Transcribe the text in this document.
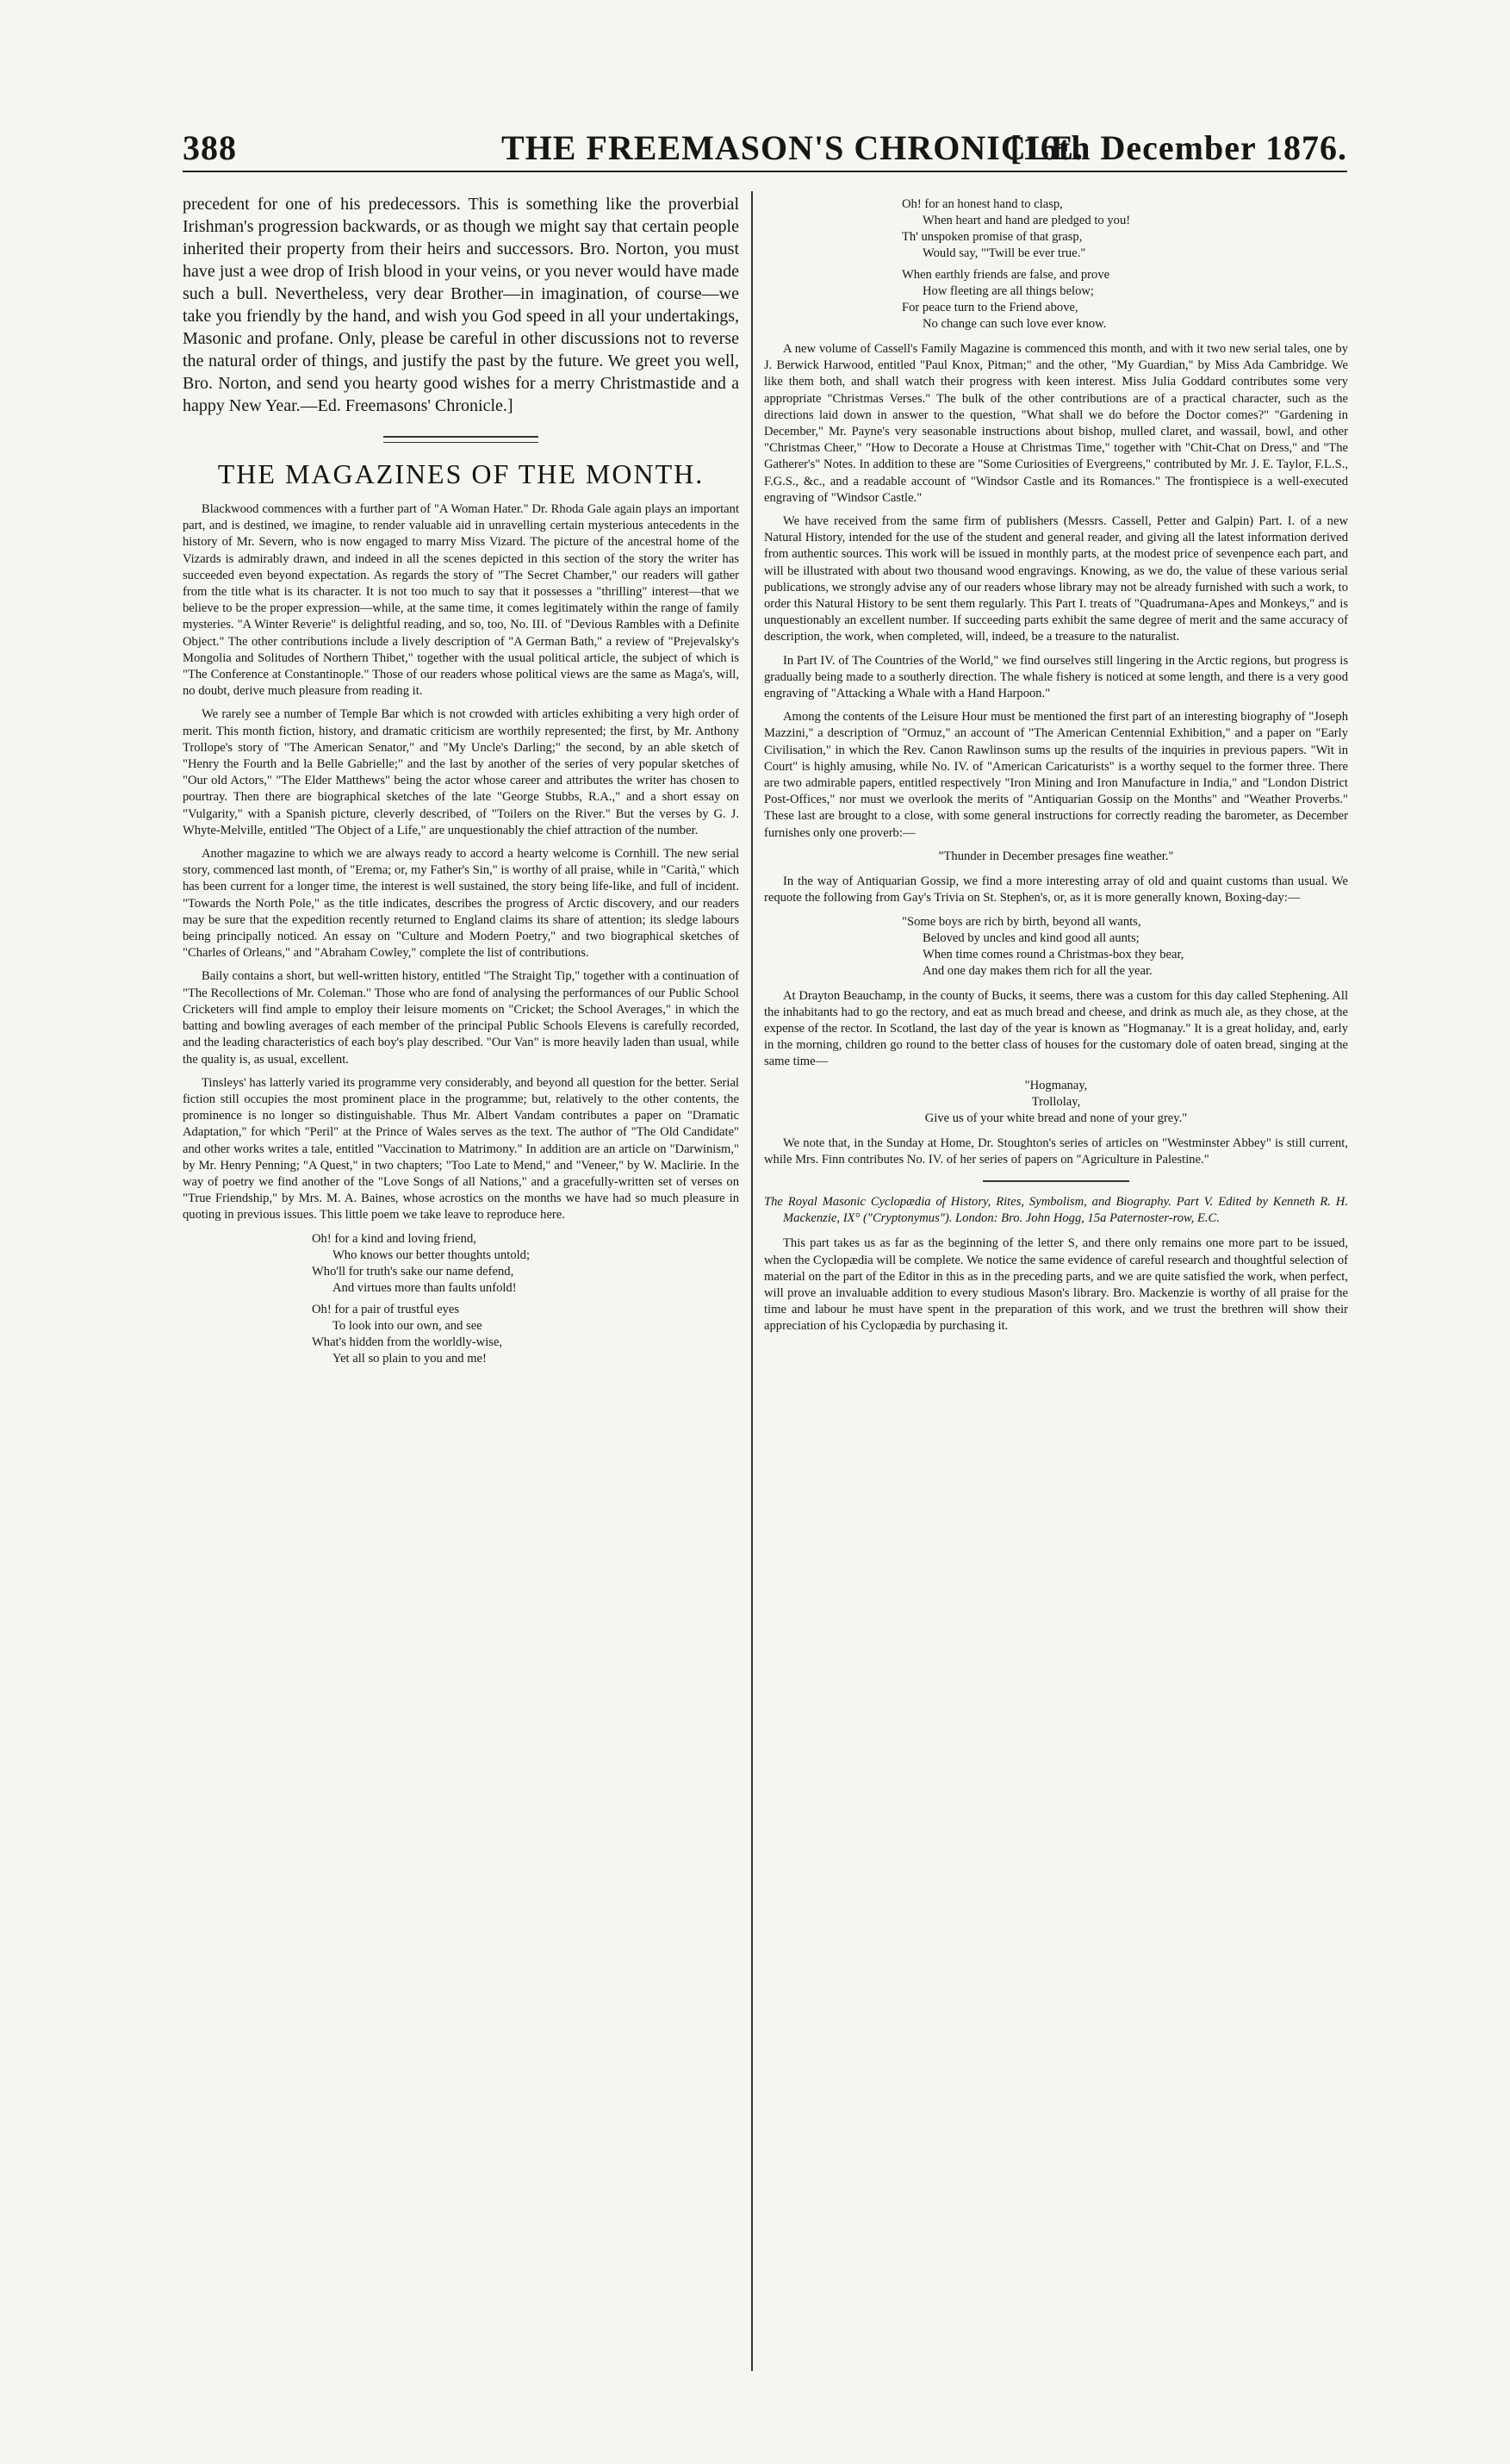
388	THE FREEMASON'S CHRONICLE.
[16th December 1876.

precedent for one of his predecessors. This is something like the proverbial Irishman's progression backwards, or as though we might say that certain people inherited their property from their heirs and successors. Bro. Norton, you must have just a wee drop of Irish blood in your veins, or you never would have made such a bull. Nevertheless, very dear Brother—in imagination, of course—we take you friendly by the hand, and wish you God speed in all your undertakings, Masonic and profane. Only, please be careful in other discussions not to reverse the natural order of things, and justify the past by the future. We greet you well, Bro. Norton, and send you hearty good wishes for a merry Christmastide and a happy New Year.—Ed. Freemasons' Chronicle.]

THE MAGAZINES OF THE MONTH.

Blackwood commences with a further part of "A Woman Hater." Dr. Rhoda Gale again plays an important part, and is destined, we imagine, to render valuable aid in unravelling certain mysterious antecedents in the history of Mr. Severn, who is now engaged to marry Miss Vizard. The picture of the ancestral home of the Vizards is admirably drawn, and indeed in all the scenes depicted in this section of the story the writer has succeeded even beyond expectation. As regards the story of "The Secret Chamber," our readers will gather from the title what is its character. It is not too much to say that it possesses a "thrilling" interest—that we believe to be the proper expression—while, at the same time, it comes legitimately within the range of family mysteries. "A Winter Reverie" is delightful reading, and so, too, No. III. of "Devious Rambles with a Definite Object." The other contributions include a lively description of "A German Bath," a review of "Prejevalsky's Mongolia and Solitudes of Northern Thibet," together with the usual political article, the subject of which is "The Conference at Constantinople." Those of our readers whose political views are the same as Maga's, will, no doubt, derive much pleasure from reading it.

We rarely see a number of Temple Bar which is not crowded with articles exhibiting a very high order of merit. This month fiction, history, and dramatic criticism are worthily represented; the first, by Mr. Anthony Trollope's story of "The American Senator," and "My Uncle's Darling;" the second, by an able sketch of "Henry the Fourth and la Belle Gabrielle;" and the last by another of the series of very popular sketches of "Our old Actors," "The Elder Matthews" being the actor whose career and attributes the writer has chosen to pourtray. Then there are biographical sketches of the late "George Stubbs, R.A.," and a short essay on "Vulgarity," with a Spanish picture, cleverly described, of "Toilers on the River." But the verses by G. J. Whyte-Melville, entitled "The Object of a Life," are unquestionably the chief attraction of the number.

Another magazine to which we are always ready to accord a hearty welcome is Cornhill. The new serial story, commenced last month, of "Erema; or, my Father's Sin," is worthy of all praise, while in "Carità," which has been current for a longer time, the interest is well sustained, the story being life-like, and full of incident. "Towards the North Pole," as the title indicates, describes the progress of Arctic discovery, and our readers may be sure that the expedition recently returned to England claims its share of attention; its sledge labours being principally noticed. An essay on "Culture and Modern Poetry," and two biographical sketches of "Charles of Orleans," and "Abraham Cowley," complete the list of contributions.

Baily contains a short, but well-written history, entitled "The Straight Tip," together with a continuation of "The Recollections of Mr. Coleman." Those who are fond of analysing the performances of our Public School Cricketers will find ample to employ their leisure moments on "Cricket; the School Averages," in which the batting and bowling averages of each member of the principal Public Schools Elevens is carefully recorded, and the leading characteristics of each boy's play described. "Our Van" is more heavily laden than usual, while the quality is, as usual, excellent.

Tinsleys' has latterly varied its programme very considerably, and beyond all question for the better. Serial fiction still occupies the most prominent place in the programme; but, relatively to the other contents, the prominence is no longer so distinguishable. Thus Mr. Albert Vandam contributes a paper on "Dramatic Adaptation," for which "Peril" at the Prince of Wales serves as the text. The author of "The Old Candidate" and other works writes a tale, entitled "Vaccination to Matrimony." In addition are an article on "Darwinism," by Mr. Henry Penning; "A Quest," in two chapters; "Too Late to Mend," and "Veneer," by W. Maclirie. In the way of poetry we find another of the "Love Songs of all Nations," and a gracefully-written set of verses on "True Friendship," by Mrs. M. A. Baines, whose acrostics on the months we have had so much pleasure in quoting in previous issues. This little poem we take leave to reproduce here.

Oh! for a kind and loving friend,
Who knows our better thoughts untold;
Who'll for truth's sake our name defend,
And virtues more than faults unfold!
Oh! for a pair of trustful eyes
To look into our own, and see
What's hidden from the worldly-wise,
Yet all so plain to you and me!
Oh! for an honest hand to clasp,
When heart and hand are pledged to you!
Th' unspoken promise of that grasp,
Would say, "'Twill be ever true."
When earthly friends are false, and prove
How fleeting are all things below;
For peace turn to the Friend above,
No change can such love ever know.

A new volume of Cassell's Family Magazine is commenced this month, and with it two new serial tales, one by J. Berwick Harwood, entitled "Paul Knox, Pitman;" and the other, "My Guardian," by Miss Ada Cambridge. We like them both, and shall watch their progress with keen interest. Miss Julia Goddard contributes some very appropriate "Christmas Verses." The bulk of the other contributions are of a practical character, such as the directions laid down in answer to the question, "What shall we do before the Doctor comes?" "Gardening in December," Mr. Payne's very seasonable instructions about bishop, mulled claret, and wassail, bowl, and other "Christmas Cheer," "How to Decorate a House at Christmas Time," together with "Chit-Chat on Dress," and "The Gatherer's" Notes. In addition to these are "Some Curiosities of Evergreens," contributed by Mr. J. E. Taylor, F.L.S., F.G.S., &c., and a readable account of "Windsor Castle and its Romances." The frontispiece is a well-executed engraving of "Windsor Castle."

We have received from the same firm of publishers (Messrs. Cassell, Petter and Galpin) Part. I. of a new Natural History, intended for the use of the student and general reader, and giving all the latest information derived from authentic sources. This work will be issued in monthly parts, at the modest price of sevenpence each part, and will be illustrated with about two thousand wood engravings. Knowing, as we do, the value of these various serial publications, we strongly advise any of our readers whose library may not be already furnished with such a work, to order this Natural History to be sent them regularly. This Part I. treats of "Quadrumana-Apes and Monkeys," and is unquestionably an excellent number. If succeeding parts exhibit the same degree of merit and the same accuracy of description, the work, when completed, will, indeed, be a treasure to the naturalist.

In Part IV. of The Countries of the World," we find ourselves still lingering in the Arctic regions, but progress is gradually being made to a southerly direction. The whale fishery is noticed at some length, and there is a very good engraving of "Attacking a Whale with a Hand Harpoon."

Among the contents of the Leisure Hour must be mentioned the first part of an interesting biography of "Joseph Mazzini," a description of "Ormuz," an account of "The American Centennial Exhibition," and a paper on "Early Civilisation," in which the Rev. Canon Rawlinson sums up the results of the inquiries in previous papers. "Wit in Court" is highly amusing, while No. IV. of "American Caricaturists" is a worthy sequel to the former three. There are two admirable papers, entitled respectively "Iron Mining and Iron Manufacture in India," and "London District Post-Offices," nor must we overlook the merits of "Antiquarian Gossip on the Months" and "Weather Proverbs." These last are brought to a close, with some general instructions for correctly reading the barometer, as December furnishes only one proverb:—

"Thunder in December presages fine weather."

In the way of Antiquarian Gossip, we find a more interesting array of old and quaint customs than usual. We requote the following from Gay's Trivia on St. Stephen's, or, as it is more generally known, Boxing-day:—

"Some boys are rich by birth, beyond all wants,
Beloved by uncles and kind good all aunts;
When time comes round a Christmas-box they bear,
And one day makes them rich for all the year.

At Drayton Beauchamp, in the county of Bucks, it seems, there was a custom for this day called Stephening. All the inhabitants had to go the rectory, and eat as much bread and cheese, and drink as much ale, as they chose, at the expense of the rector. In Scotland, the last day of the year is known as "Hogmanay." It is a great holiday, and, early in the morning, children go round to the better class of houses for the customary dole of oaten bread, singing at the same time—

"Hogmanay,
Trollolay,
Give us of your white bread and none of your grey."

We note that, in the Sunday at Home, Dr. Stoughton's series of articles on "Westminster Abbey" is still current, while Mrs. Finn contributes No. IV. of her series of papers on "Agriculture in Palestine."

The Royal Masonic Cyclopædia of History, Rites, Symbolism, and Biography. Part V. Edited by Kenneth R. H. Mackenzie, IX° ("Cryptonymus"). London: Bro. John Hogg, 15a Paternoster-row, E.C.

This part takes us as far as the beginning of the letter S, and there only remains one more part to be issued, when the Cyclopædia will be complete. We notice the same evidence of careful research and thoughtful selection of material on the part of the Editor in this as in the preceding parts, and we are quite satisfied the work, when perfect, will prove an invaluable addition to every studious Mason's library. Bro. Mackenzie is worthy of all praise for the time and labour he must have spent in the preparation of this work, and we trust the brethren will show their appreciation of his Cyclopædia by purchasing it.
